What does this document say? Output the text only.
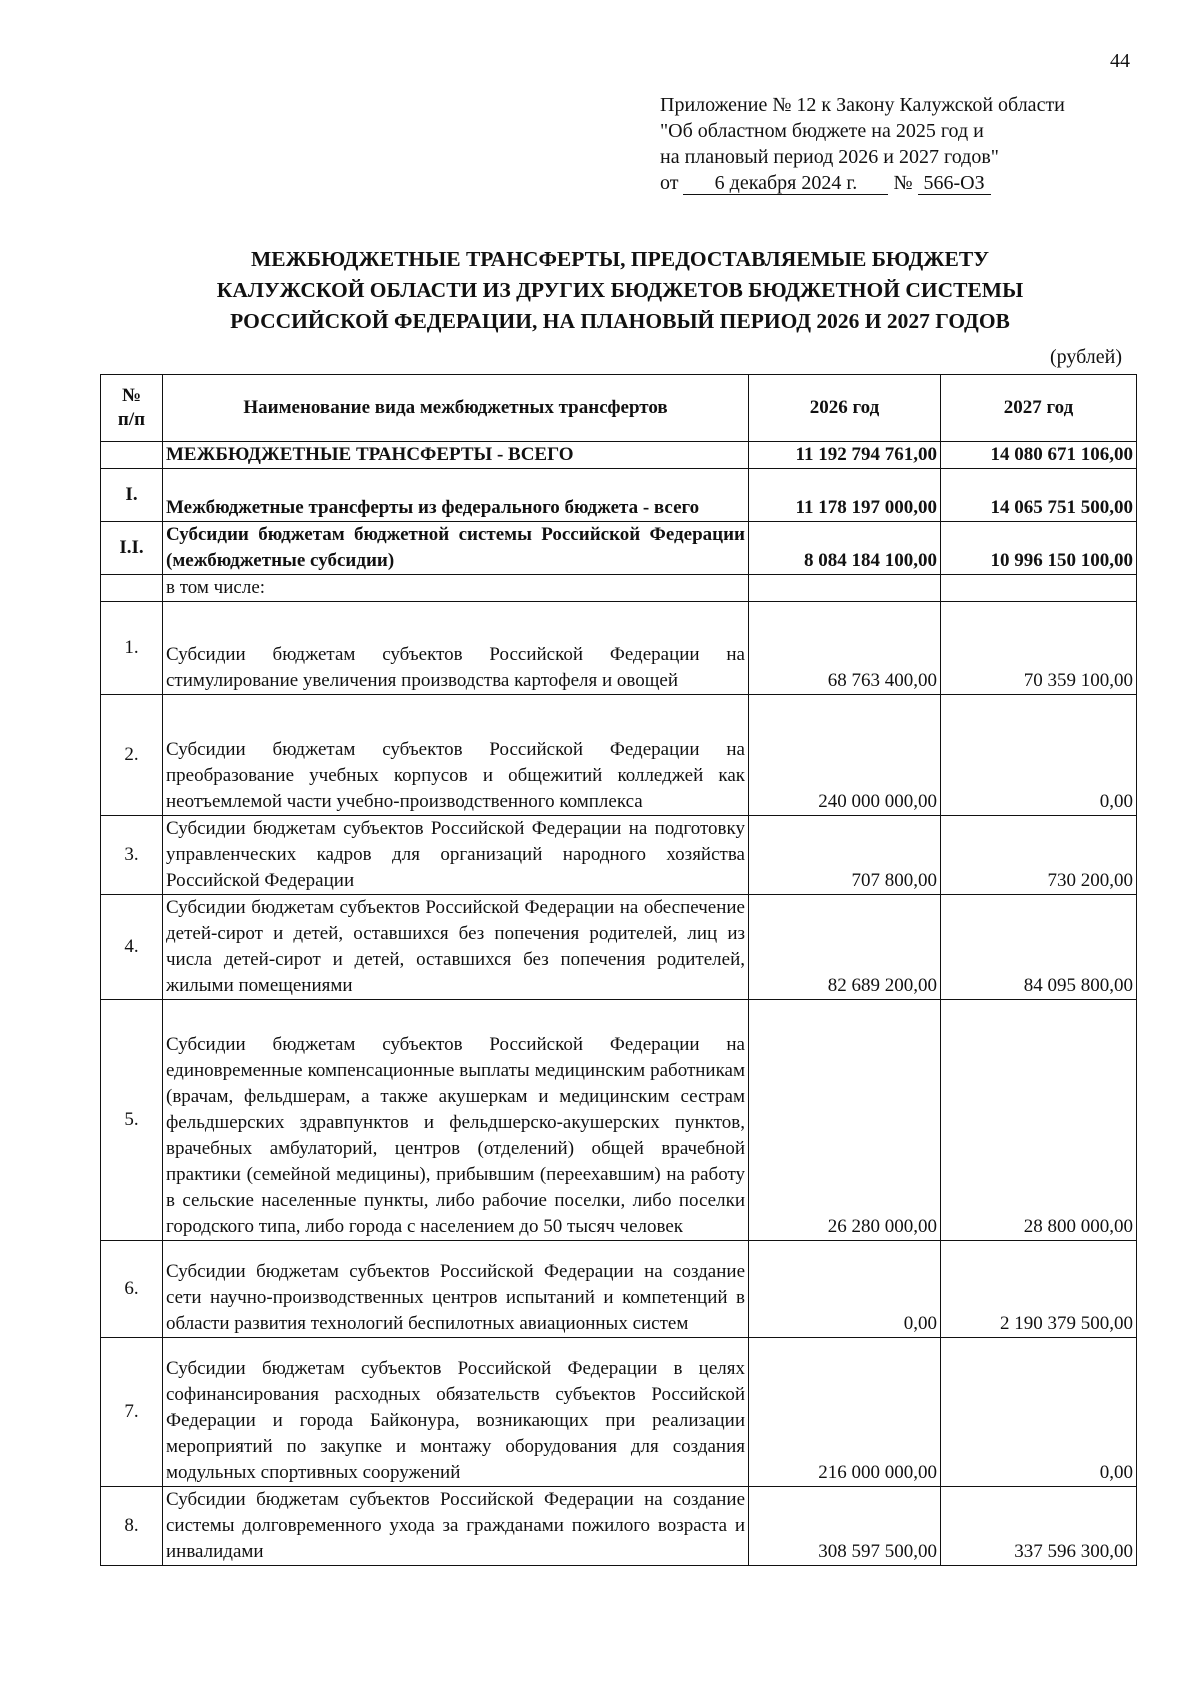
44
Приложение № 12 к Закону Калужской области
"Об областном бюджете на 2025 год и
на плановый период 2026 и 2027 годов"
от 6 декабря 2024 г. № 566-ОЗ
МЕЖБЮДЖЕТНЫЕ ТРАНСФЕРТЫ, ПРЕДОСТАВЛЯЕМЫЕ БЮДЖЕТУ
КАЛУЖСКОЙ ОБЛАСТИ ИЗ ДРУГИХ БЮДЖЕТОВ БЮДЖЕТНОЙ СИСТЕМЫ
РОССИЙСКОЙ ФЕДЕРАЦИИ, НА ПЛАНОВЫЙ ПЕРИОД 2026 И 2027 ГОДОВ
(рублей)
№
п/п	Наименование вида межбюджетных трансфертов	2026 год	2027 год
	МЕЖБЮДЖЕТНЫЕ ТРАНСФЕРТЫ - ВСЕГО	11 192 794 761,00	14 080 671 106,00
I.	Межбюджетные трансферты из федерального бюджета - всего	11 178 197 000,00	14 065 751 500,00
I.I.	Субсидии бюджетам бюджетной системы Российской Федерации (межбюджетные субсидии)	8 084 184 100,00	10 996 150 100,00
	в том числе:		
1.	Субсидии бюджетам субъектов Российской Федерации на стимулирование увеличения производства картофеля и овощей	68 763 400,00	70 359 100,00
2.	Субсидии бюджетам субъектов Российской Федерации на преобразование учебных корпусов и общежитий колледжей как неотъемлемой части учебно-производственного комплекса	240 000 000,00	0,00
3.	Субсидии бюджетам субъектов Российской Федерации на подготовку управленческих кадров для организаций народного хозяйства Российской Федерации	707 800,00	730 200,00
4.	Субсидии бюджетам субъектов Российской Федерации на обеспечение детей-сирот и детей, оставшихся без попечения родителей, лиц из числа детей-сирот и детей, оставшихся без попечения родителей, жилыми помещениями	82 689 200,00	84 095 800,00
5.	Субсидии бюджетам субъектов Российской Федерации на единовременные компенсационные выплаты медицинским работникам (врачам, фельдшерам, а также акушеркам и медицинским сестрам фельдшерских здравпунктов и фельдшерско-акушерских пунктов, врачебных амбулаторий, центров (отделений) общей врачебной практики (семейной медицины), прибывшим (переехавшим) на работу в сельские населенные пункты, либо рабочие поселки, либо поселки городского типа, либо города с населением до 50 тысяч человек	26 280 000,00	28 800 000,00
6.	Субсидии бюджетам субъектов Российской Федерации на создание сети научно-производственных центров испытаний и компетенций в области развития технологий беспилотных авиационных систем	0,00	2 190 379 500,00
7.	Субсидии бюджетам субъектов Российской Федерации в целях софинансирования расходных обязательств субъектов Российской Федерации и города Байконура, возникающих при реализации мероприятий по закупке и монтажу оборудования для создания модульных спортивных сооружений	216 000 000,00	0,00
8.	Субсидии бюджетам субъектов Российской Федерации на создание системы долговременного ухода за гражданами пожилого возраста и инвалидами	308 597 500,00	337 596 300,00
